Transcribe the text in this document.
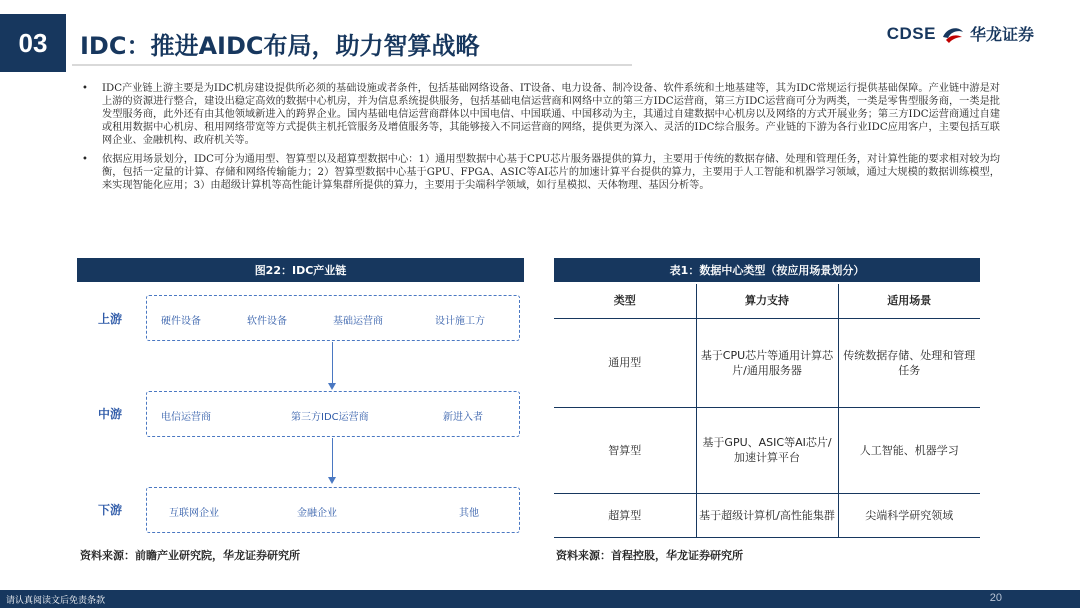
03	IDC：推进AIDC布局，助力智算战略	CDSE 华龙证券
• IDC产业链上游主要是为IDC机房建设提供所必须的基础设施或者条件，包括基础网络设备、IT设备、电力设备、制冷设备、软件系统和土地基建等，其为IDC常规运行提供基础保障。产业链中游是对上游的资源进行整合，建设出稳定高效的数据中心机房，并为信息系统提供服务，包括基础电信运营商和网络中立的第三方IDC运营商，第三方IDC运营商可分为两类，一类是零售型服务商，一类是批发型服务商，此外还有由其他领域新进入的跨界企业。国内基础电信运营商群体以中国电信、中国联通、中国移动为主，其通过自建数据中心机房以及网络的方式开展业务；第三方IDC运营商通过自建或租用数据中心机房、租用网络带宽等方式提供主机托管服务及增值服务等，其能够接入不同运营商的网络，提供更为深入、灵活的IDC综合服务。产业链的下游为各行业IDC应用客户，主要包括互联网企业、金融机构、政府机关等。
• 依据应用场景划分，IDC可分为通用型、智算型以及超算型数据中心：1）通用型数据中心基于CPU芯片服务器提供的算力，主要用于传统的数据存储、处理和管理任务，对计算性能的要求相对较为均衡，包括一定量的计算、存储和网络传输能力；2）智算型数据中心基于GPU、FPGA、ASIC等AI芯片的加速计算平台提供的算力，主要用于人工智能和机器学习领域，通过大规模的数据训练模型，来实现智能化应用；3）由超级计算机等高性能计算集群所提供的算力，主要用于尖端科学领域，如行星模拟、天体物理、基因分析等。
图22：IDC产业链
上游	硬件设备	软件设备	基础运营商	设计施工方
中游	电信运营商	第三方IDC运营商	新进入者
下游	互联网企业	金融企业	其他
资料来源：前瞻产业研究院，华龙证券研究所
表1：数据中心类型（按应用场景划分）
类型	算力支持	适用场景
通用型	基于CPU芯片等通用计算芯片/通用服务器	传统数据存储、处理和管理任务
智算型	基于GPU、ASIC等AI芯片/加速计算平台	人工智能、机器学习
超算型	基于超级计算机/高性能集群	尖端科学研究领域
资料来源：首程控股，华龙证券研究所
请认真阅读文后免责条款	20
